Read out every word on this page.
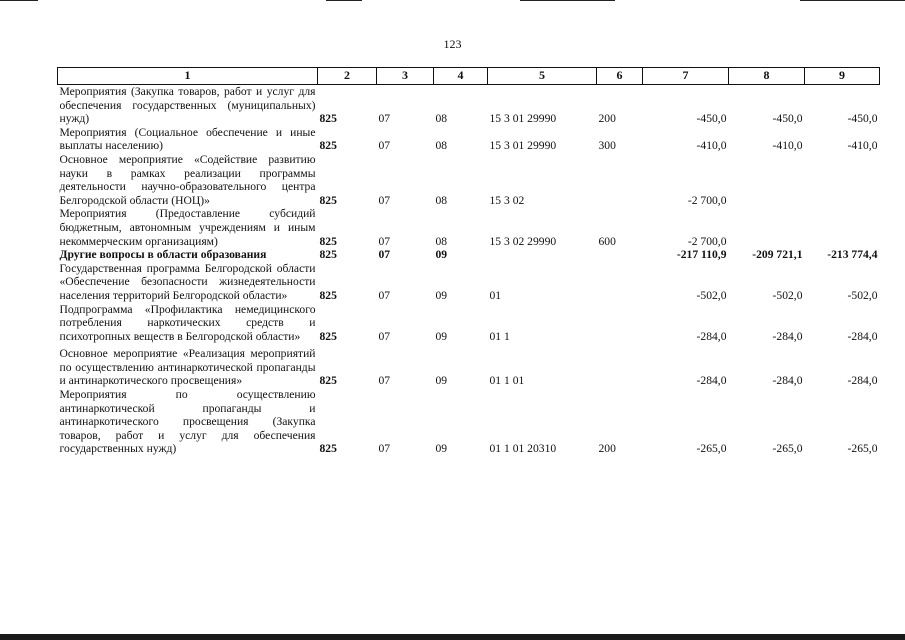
123
1	2	3	4	5	6	7	8	9
Мероприятия (Закупка товаров, работ и услуг для обеспечения государственных (муниципальных) нужд)	825	07	08	15 3 01 29990	200	-450,0	-450,0	-450,0
Мероприятия (Социальное обеспечение и иные выплаты населению)	825	07	08	15 3 01 29990	300	-410,0	-410,0	-410,0
Основное мероприятие «Содействие развитию науки в рамках реализации программы деятельности научно-образовательного центра Белгородской области (НОЦ)»	825	07	08	15 3 02		-2 700,0		
Мероприятия (Предоставление субсидий бюджетным, автономным учреждениям и иным некоммерческим организациям)	825	07	08	15 3 02 29990	600	-2 700,0		
Другие вопросы в области образования	825	07	09			-217 110,9	-209 721,1	-213 774,4
Государственная программа Белгородской области «Обеспечение безопасности жизнедеятельности населения территорий Белгородской области»	825	07	09	01		-502,0	-502,0	-502,0
Подпрограмма «Профилактика немедицинского потребления наркотических средств и психотропных веществ в Белгородской области»	825	07	09	01 1		-284,0	-284,0	-284,0

Основное мероприятие «Реализация мероприятий по осуществлению антинаркотической пропаганды и антинаркотического просвещения»	825	07	09	01 1 01		-284,0	-284,0	-284,0
Мероприятия по осуществлению антинаркотической пропаганды и антинаркотического просвещения (Закупка товаров, работ и услуг для обеспечения государственных нужд)	825	07	09	01 1 01 20310	200	-265,0	-265,0	-265,0
